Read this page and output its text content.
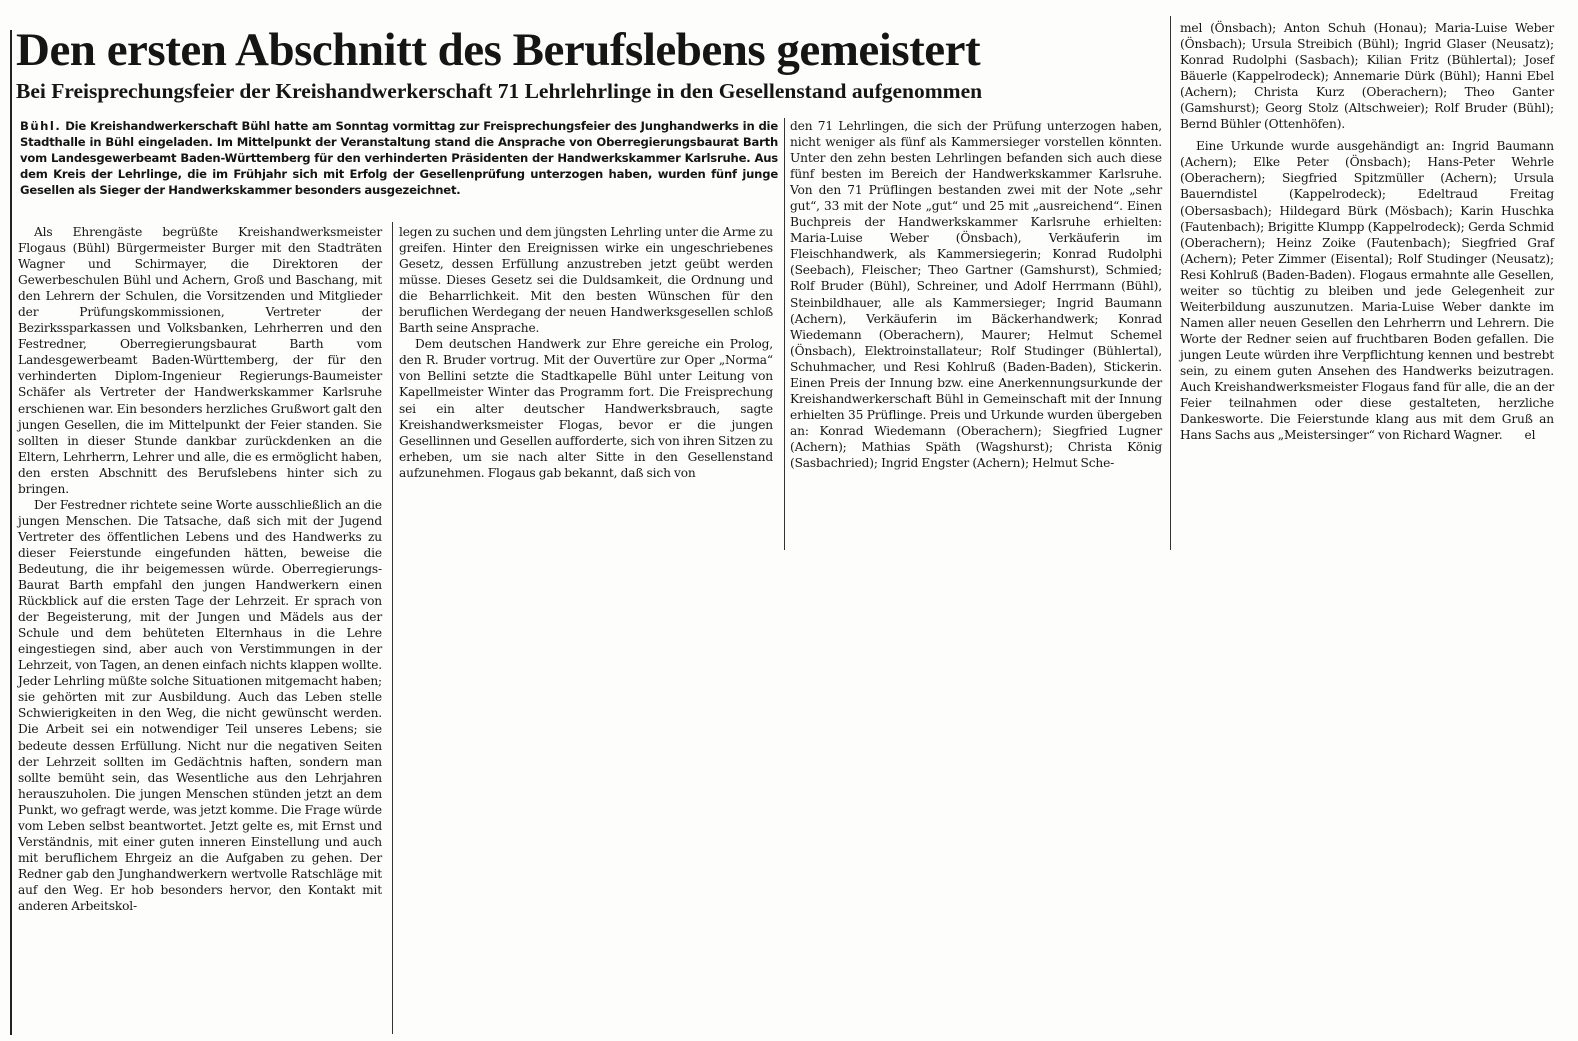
Den ersten Abschnitt des Berufslebens gemeistert
Bei Freisprechungsfeier der Kreishandwerkerschaft 71 Lehrlehrlinge in den Gesellenstand aufgenommen
Bühl. Die Kreishandwerkerschaft Bühl hatte am Sonntag vormittag zur Freisprechungsfeier des Junghandwerks in die Stadthalle in Bühl eingeladen. Im Mittelpunkt der Veranstaltung stand die Ansprache von Oberregierungsbaurat Barth vom Landesgewerbeamt Baden-Württemberg für den verhinderten Präsidenten der Handwerkskammer Karlsruhe. Aus dem Kreis der Lehrlinge, die im Frühjahr sich mit Erfolg der Gesellenprüfung unterzogen haben, wurden fünf junge Gesellen als Sieger der Handwerkskammer besonders ausgezeichnet.

Als Ehrengäste begrüßte Kreishandwerksmeister Flogaus (Bühl) Bürgermeister Burger mit den Stadträten Wagner und Schirmayer, die Direktoren der Gewerbeschulen Bühl und Achern, Groß und Baschang, mit den Lehrern der Schulen, die Vorsitzenden und Mitglieder der Prüfungskommissionen, Vertreter der Bezirkssparkassen und Volksbanken, Lehrherren und den Festredner, Oberregierungsbaurat Barth vom Landesgewerbeamt Baden-Württemberg, der für den verhinderten Diplom-Ingenieur Regierungs-Baumeister Schäfer als Vertreter der Handwerkskammer Karlsruhe erschienen war. Ein besonders herzliches Grußwort galt den jungen Gesellen, die im Mittelpunkt der Feier standen. Sie sollten in dieser Stunde dankbar zurückdenken an die Eltern, Lehrherrn, Lehrer und alle, die es ermöglicht haben, den ersten Abschnitt des Berufslebens hinter sich zu bringen.

Der Festredner richtete seine Worte ausschließlich an die jungen Menschen. Die Tatsache, daß sich mit der Jugend Vertreter des öffentlichen Lebens und des Handwerks zu dieser Feierstunde eingefunden hätten, beweise die Bedeutung, die ihr beigemessen würde. Oberregierungs-Baurat Barth empfahl den jungen Handwerkern einen Rückblick auf die ersten Tage der Lehrzeit. Er sprach von der Begeisterung, mit der Jungen und Mädels aus der Schule und dem behüteten Elternhaus in die Lehre eingestiegen sind, aber auch von Verstimmungen in der Lehrzeit, von Tagen, an denen einfach nichts klappen wollte. Jeder Lehrling müßte solche Situationen mitgemacht haben; sie gehörten mit zur Ausbildung. Auch das Leben stelle Schwierigkeiten in den Weg, die nicht gewünscht werden. Die Arbeit sei ein notwendiger Teil unseres Lebens; sie bedeute dessen Erfüllung. Nicht nur die negativen Seiten der Lehrzeit sollten im Gedächtnis haften, sondern man sollte bemüht sein, das Wesentliche aus den Lehrjahren herauszuholen. Die jungen Menschen stünden jetzt an dem Punkt, wo gefragt werde, was jetzt komme. Die Frage würde vom Leben selbst beantwortet. Jetzt gelte es, mit Ernst und Verständnis, mit einer guten inneren Einstellung und auch mit beruflichem Ehrgeiz an die Aufgaben zu gehen. Der Redner gab den Junghandwerkern wertvolle Ratschläge mit auf den Weg. Er hob besonders hervor, den Kontakt mit anderen Arbeitskol-

legen zu suchen und dem jüngsten Lehrling unter die Arme zu greifen. Hinter den Ereignissen wirke ein ungeschriebenes Gesetz, dessen Erfüllung anzustreben jetzt geübt werden müsse. Dieses Gesetz sei die Duldsamkeit, die Ordnung und die Beharrlichkeit. Mit den besten Wünschen für den beruflichen Werdegang der neuen Handwerksgesellen schloß Barth seine Ansprache.

Dem deutschen Handwerk zur Ehre gereiche ein Prolog, den R. Bruder vortrug. Mit der Ouvertüre zur Oper „Norma“ von Bellini setzte die Stadtkapelle Bühl unter Leitung von Kapellmeister Winter das Programm fort. Die Freisprechung sei ein alter deutscher Handwerksbrauch, sagte Kreishandwerksmeister Flogas, bevor er die jungen Gesellinnen und Gesellen aufforderte, sich von ihren Sitzen zu erheben, um sie nach alter Sitte in den Gesellenstand aufzunehmen. Flogaus gab bekannt, daß sich von

den 71 Lehrlingen, die sich der Prüfung unterzogen haben, nicht weniger als fünf als Kammersieger vorstellen könnten. Unter den zehn besten Lehrlingen befanden sich auch diese fünf besten im Bereich der Handwerkskammer Karlsruhe. Von den 71 Prüflingen bestanden zwei mit der Note „sehr gut“, 33 mit der Note „gut“ und 25 mit „ausreichend“. Einen Buchpreis der Handwerkskammer Karlsruhe erhielten: Maria-Luise Weber (Önsbach), Verkäuferin im Fleischhandwerk, als Kammersiegerin; Konrad Rudolphi (Seebach), Fleischer; Theo Gartner (Gamshurst), Schmied; Rolf Bruder (Bühl), Schreiner, und Adolf Herrmann (Bühl), Steinbildhauer, alle als Kammersieger; Ingrid Baumann (Achern), Verkäuferin im Bäckerhandwerk; Konrad Wiedemann (Oberachern), Maurer; Helmut Schemel (Önsbach), Elektroinstallateur; Rolf Studinger (Bühlertal), Schuhmacher, und Resi Kohlruß (Baden-Baden), Stickerin. Einen Preis der Innung bzw. eine Anerkennungsurkunde der Kreishandwerkerschaft Bühl in Gemeinschaft mit der Innung erhielten 35 Prüflinge. Preis und Urkunde wurden übergeben an: Konrad Wiedemann (Oberachern); Siegfried Lugner (Achern); Mathias Späth (Wagshurst); Christa König (Sasbachried); Ingrid Engster (Achern); Helmut Sche-

mel (Önsbach); Anton Schuh (Honau); Maria-Luise Weber (Önsbach); Ursula Streibich (Bühl); Ingrid Glaser (Neusatz); Konrad Rudolphi (Sasbach); Kilian Fritz (Bühlertal); Josef Bäuerle (Kappelrodeck); Annemarie Dürk (Bühl); Hanni Ebel (Achern); Christa Kurz (Oberachern); Theo Ganter (Gamshurst); Georg Stolz (Altschweier); Rolf Bruder (Bühl); Bernd Bühler (Ottenhöfen).

Eine Urkunde wurde ausgehändigt an: Ingrid Baumann (Achern); Elke Peter (Önsbach); Hans-Peter Wehrle (Oberachern); Siegfried Spitzmüller (Achern); Ursula Bauerndistel (Kappelrodeck); Edeltraud Freitag (Obersasbach); Hildegard Bürk (Mösbach); Karin Huschka (Fautenbach); Brigitte Klumpp (Kappelrodeck); Gerda Schmid (Oberachern); Heinz Zoike (Fautenbach); Siegfried Graf (Achern); Peter Zimmer (Eisental); Rolf Studinger (Neusatz); Resi Kohlruß (Baden-Baden). Flogaus ermahnte alle Gesellen, weiter so tüchtig zu bleiben und jede Gelegenheit zur Weiterbildung auszunutzen. Maria-Luise Weber dankte im Namen aller neuen Gesellen den Lehrherrn und Lehrern. Die Worte der Redner seien auf fruchtbaren Boden gefallen. Die jungen Leute würden ihre Verpflichtung kennen und bestrebt sein, zu einem guten Ansehen des Handwerks beizutragen. Auch Kreishandwerksmeister Flogaus fand für alle, die an der Feier teilnahmen oder diese gestalteten, herzliche Dankesworte. Die Feierstunde klang aus mit dem Gruß an Hans Sachs aus „Meistersinger“ von Richard Wagner. el
